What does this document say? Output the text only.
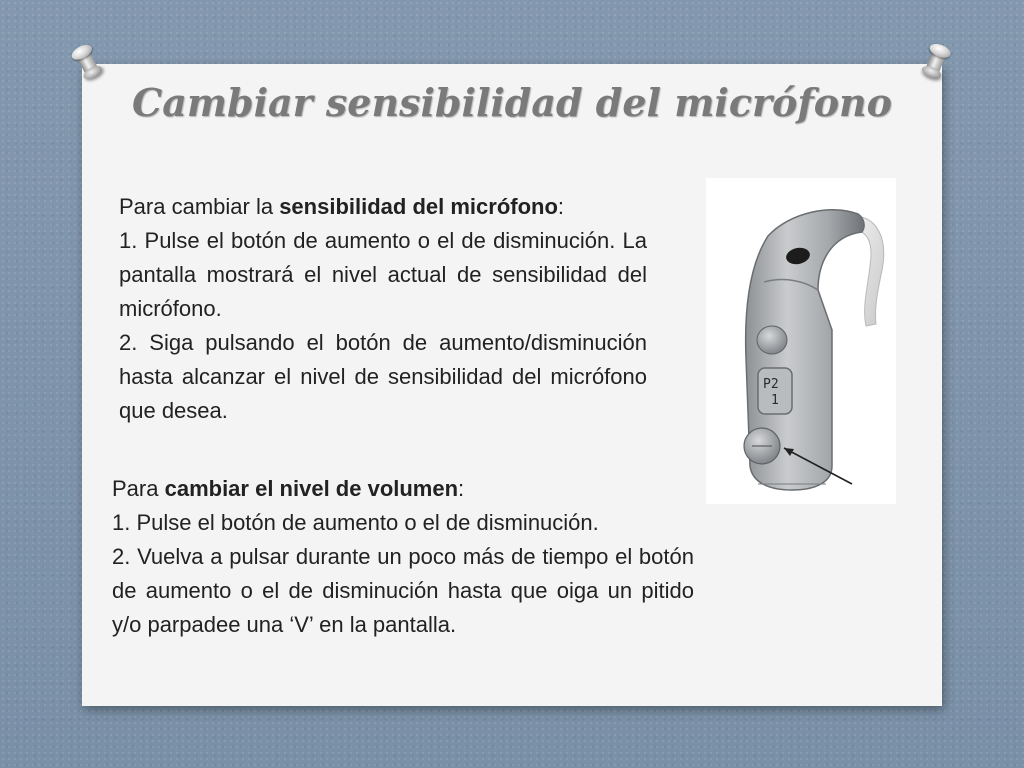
Cambiar sensibilidad del micrófono

Para cambiar la sensibilidad del micrófono:

1. Pulse el botón de aumento o el de disminución. La pantalla mostrará el nivel actual de sensibilidad del micrófono.

2. Siga pulsando el botón de aumento/disminución hasta alcanzar el nivel de sensibilidad del micrófono que desea.

Para cambiar el nivel de volumen:

1. Pulse el botón de aumento o el de disminución.

2. Vuelva a pulsar durante un poco más de tiempo el botón de aumento o el de disminución hasta que oiga un pitido y/o parpadee una ‘V’ en la pantalla.

P2
1
